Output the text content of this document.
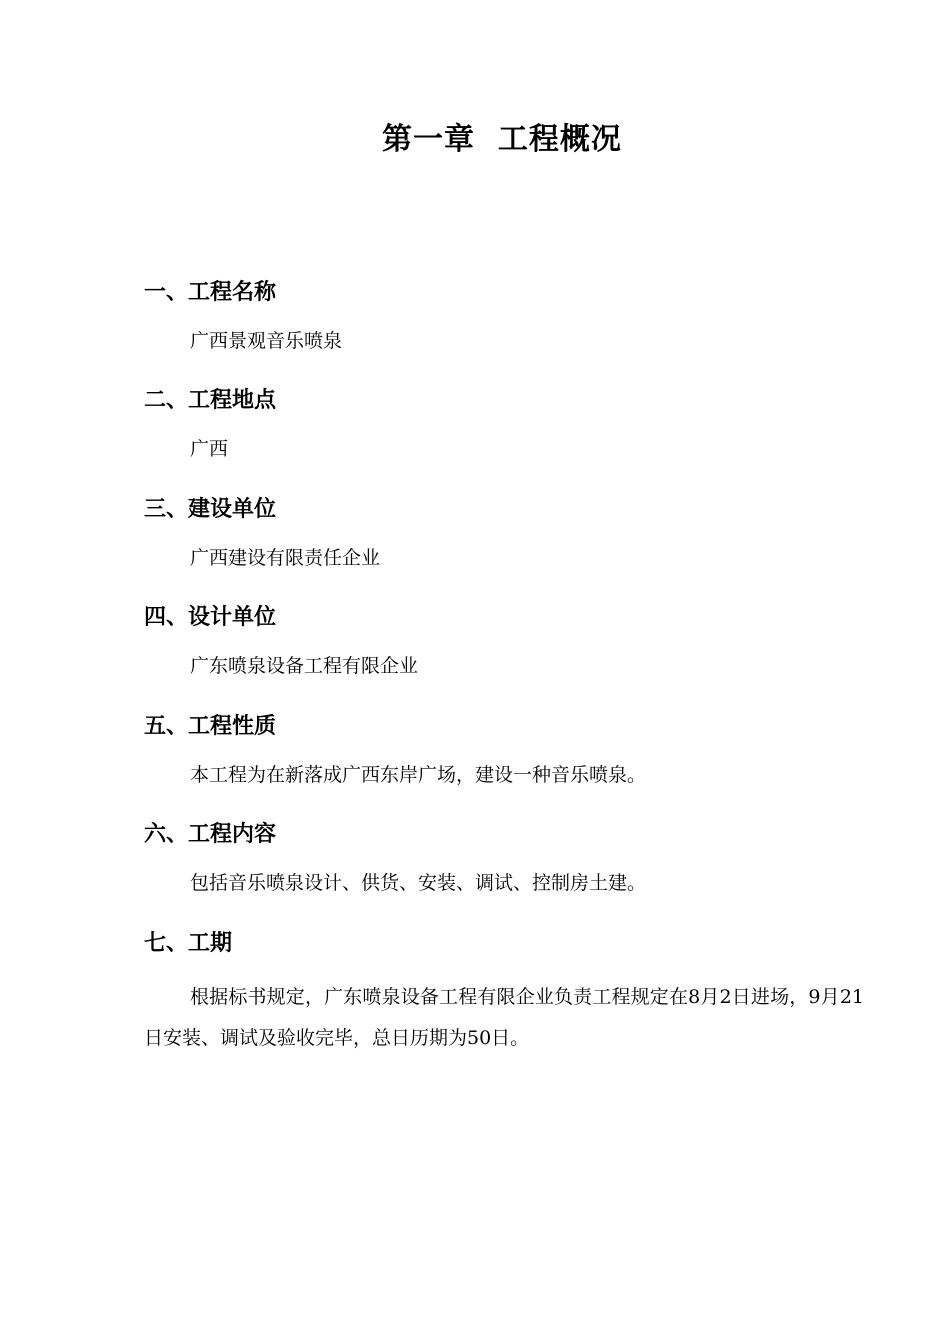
第一章  工程概况
一、工程名称
广西景观音乐喷泉
二、工程地点
广西
三、建设单位
广西建设有限责任企业
四、设计单位
广东喷泉设备工程有限企业
五、工程性质
本工程为在新落成广西东岸广场，建设一种音乐喷泉。
六、工程内容
包括音乐喷泉设计、供货、安装、调试、控制房土建。
七、工期
根据标书规定，广东喷泉设备工程有限企业负责工程规定在8月2日进场，9月21日安装、调试及验收完毕，总日历期为50日。
